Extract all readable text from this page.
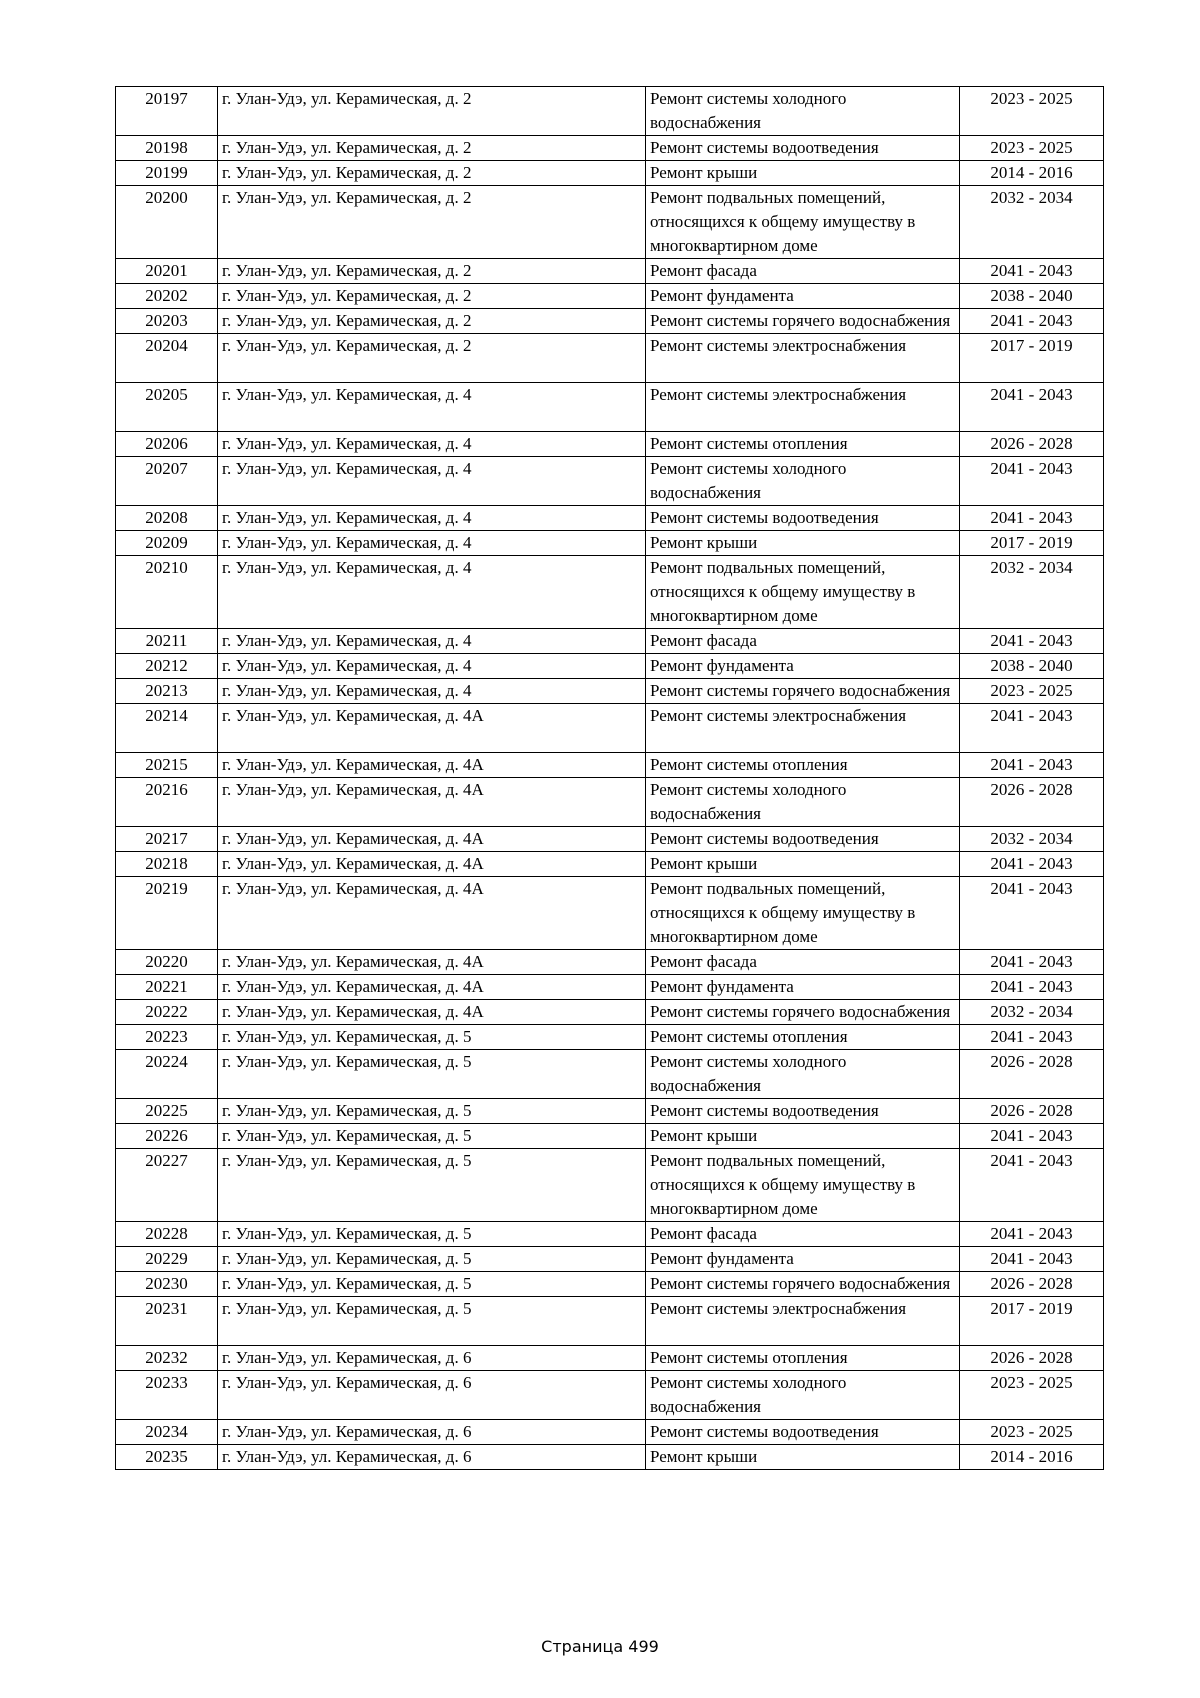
20197	г. Улан-Удэ, ул. Керамическая, д. 2	Ремонт системы холодного водоснабжения	2023 - 2025
20198	г. Улан-Удэ, ул. Керамическая, д. 2	Ремонт системы водоотведения	2023 - 2025
20199	г. Улан-Удэ, ул. Керамическая, д. 2	Ремонт крыши	2014 - 2016
20200	г. Улан-Удэ, ул. Керамическая, д. 2	Ремонт подвальных помещений, относящихся к общему имуществу в многоквартирном доме	2032 - 2034
20201	г. Улан-Удэ, ул. Керамическая, д. 2	Ремонт фасада	2041 - 2043
20202	г. Улан-Удэ, ул. Керамическая, д. 2	Ремонт фундамента	2038 - 2040
20203	г. Улан-Удэ, ул. Керамическая, д. 2	Ремонт системы горячего водоснабжения	2041 - 2043
20204	г. Улан-Удэ, ул. Керамическая, д. 2	Ремонт системы электроснабжения	2017 - 2019
20205	г. Улан-Удэ, ул. Керамическая, д. 4	Ремонт системы электроснабжения	2041 - 2043
20206	г. Улан-Удэ, ул. Керамическая, д. 4	Ремонт системы отопления	2026 - 2028
20207	г. Улан-Удэ, ул. Керамическая, д. 4	Ремонт системы холодного водоснабжения	2041 - 2043
20208	г. Улан-Удэ, ул. Керамическая, д. 4	Ремонт системы водоотведения	2041 - 2043
20209	г. Улан-Удэ, ул. Керамическая, д. 4	Ремонт крыши	2017 - 2019
20210	г. Улан-Удэ, ул. Керамическая, д. 4	Ремонт подвальных помещений, относящихся к общему имуществу в многоквартирном доме	2032 - 2034
20211	г. Улан-Удэ, ул. Керамическая, д. 4	Ремонт фасада	2041 - 2043
20212	г. Улан-Удэ, ул. Керамическая, д. 4	Ремонт фундамента	2038 - 2040
20213	г. Улан-Удэ, ул. Керамическая, д. 4	Ремонт системы горячего водоснабжения	2023 - 2025
20214	г. Улан-Удэ, ул. Керамическая, д. 4А	Ремонт системы электроснабжения	2041 - 2043
20215	г. Улан-Удэ, ул. Керамическая, д. 4А	Ремонт системы отопления	2041 - 2043
20216	г. Улан-Удэ, ул. Керамическая, д. 4А	Ремонт системы холодного водоснабжения	2026 - 2028
20217	г. Улан-Удэ, ул. Керамическая, д. 4А	Ремонт системы водоотведения	2032 - 2034
20218	г. Улан-Удэ, ул. Керамическая, д. 4А	Ремонт крыши	2041 - 2043
20219	г. Улан-Удэ, ул. Керамическая, д. 4А	Ремонт подвальных помещений, относящихся к общему имуществу в многоквартирном доме	2041 - 2043
20220	г. Улан-Удэ, ул. Керамическая, д. 4А	Ремонт фасада	2041 - 2043
20221	г. Улан-Удэ, ул. Керамическая, д. 4А	Ремонт фундамента	2041 - 2043
20222	г. Улан-Удэ, ул. Керамическая, д. 4А	Ремонт системы горячего водоснабжения	2032 - 2034
20223	г. Улан-Удэ, ул. Керамическая, д. 5	Ремонт системы отопления	2041 - 2043
20224	г. Улан-Удэ, ул. Керамическая, д. 5	Ремонт системы холодного водоснабжения	2026 - 2028
20225	г. Улан-Удэ, ул. Керамическая, д. 5	Ремонт системы водоотведения	2026 - 2028
20226	г. Улан-Удэ, ул. Керамическая, д. 5	Ремонт крыши	2041 - 2043
20227	г. Улан-Удэ, ул. Керамическая, д. 5	Ремонт подвальных помещений, относящихся к общему имуществу в многоквартирном доме	2041 - 2043
20228	г. Улан-Удэ, ул. Керамическая, д. 5	Ремонт фасада	2041 - 2043
20229	г. Улан-Удэ, ул. Керамическая, д. 5	Ремонт фундамента	2041 - 2043
20230	г. Улан-Удэ, ул. Керамическая, д. 5	Ремонт системы горячего водоснабжения	2026 - 2028
20231	г. Улан-Удэ, ул. Керамическая, д. 5	Ремонт системы электроснабжения	2017 - 2019
20232	г. Улан-Удэ, ул. Керамическая, д. 6	Ремонт системы отопления	2026 - 2028
20233	г. Улан-Удэ, ул. Керамическая, д. 6	Ремонт системы холодного водоснабжения	2023 - 2025
20234	г. Улан-Удэ, ул. Керамическая, д. 6	Ремонт системы водоотведения	2023 - 2025
20235	г. Улан-Удэ, ул. Керамическая, д. 6	Ремонт крыши	2014 - 2016
Страница 499
